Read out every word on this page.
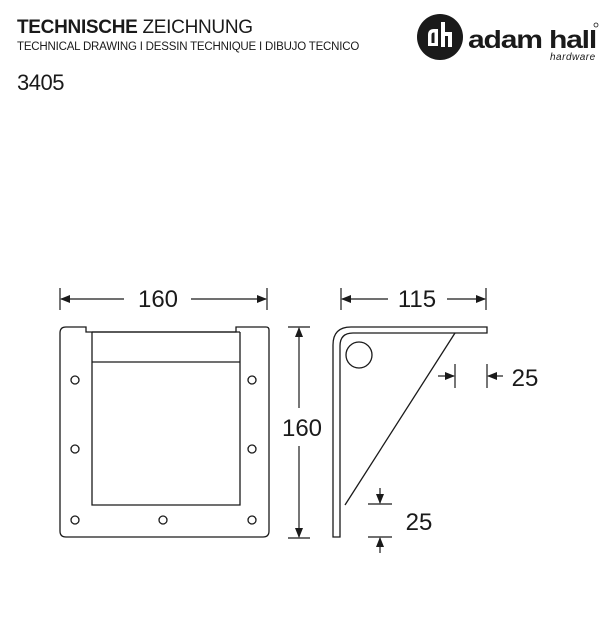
TECHNISCHE ZEICHNUNG
TECHNICAL DRAWING I DESSIN TECHNIQUE I DIBUJO TECNICO
3405
adam hall
hardware
160
160
115
25
25
